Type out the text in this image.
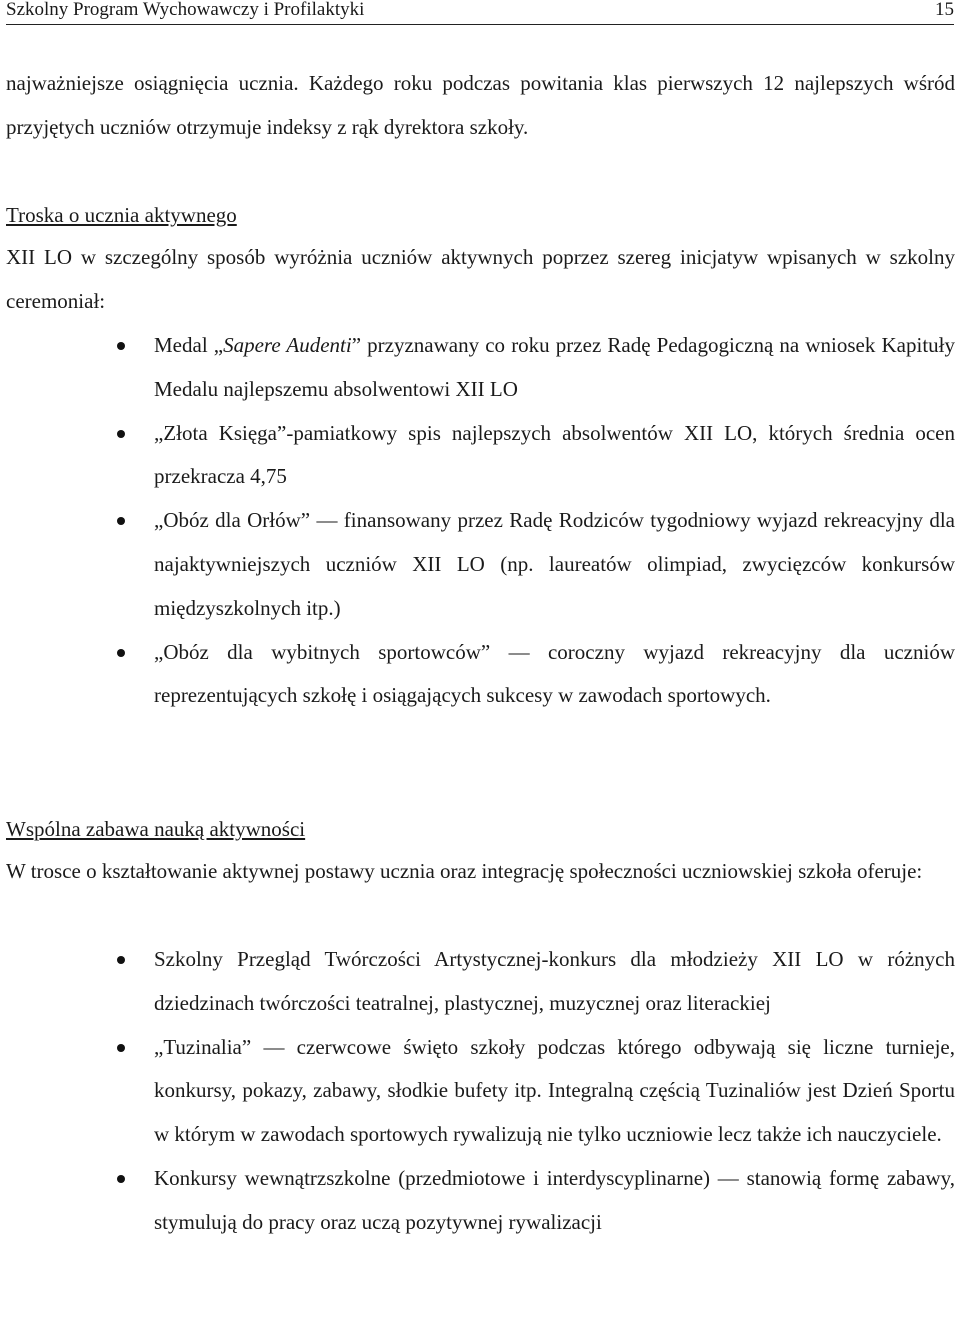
Szkolny Program Wychowawczy i Profilaktyki	15

najważniejsze osiągnięcia ucznia. Każdego roku podczas powitania klas pierwszych 12 najlepszych wśród przyjętych uczniów otrzymuje indeksy z rąk dyrektora szkoły.

Troska o ucznia aktywnego

XII LO w szczególny sposób wyróżnia uczniów aktywnych poprzez szereg inicjatyw wpisanych w szkolny ceremoniał:

Medal „Sapere Audenti” przyznawany co roku przez Radę Pedagogiczną na wniosek Kapituły Medalu najlepszemu absolwentowi XII LO
„Złota Księga”-pamiatkowy spis najlepszych absolwentów XII LO, których średnia ocen przekracza 4,75
„Obóz dla Orłów” — finansowany przez Radę Rodziców tygodniowy wyjazd rekreacyjny dla najaktywniejszych uczniów XII LO (np. laureatów olimpiad, zwycięzców konkursów międzyszkolnych itp.)
„Obóz dla wybitnych sportowców” — coroczny wyjazd rekreacyjny dla uczniów reprezentujących szkołę i osiągających sukcesy w zawodach sportowych.

Wspólna zabawa nauką aktywności

W trosce o kształtowanie aktywnej postawy ucznia oraz integrację społeczności uczniowskiej szkoła oferuje:

Szkolny Przegląd Twórczości Artystycznej-konkurs dla młodzieży XII LO w różnych dziedzinach twórczości teatralnej, plastycznej, muzycznej oraz literackiej
„Tuzinalia” — czerwcowe święto szkoły podczas którego odbywają się liczne turnieje, konkursy, pokazy, zabawy, słodkie bufety itp. Integralną częścią Tuzinaliów jest Dzień Sportu w którym w zawodach sportowych rywalizują nie tylko uczniowie lecz także ich nauczyciele.
Konkursy wewnątrzszkolne (przedmiotowe i interdyscyplinarne) — stanowią formę zabawy, stymulują do pracy oraz uczą pozytywnej rywalizacji
